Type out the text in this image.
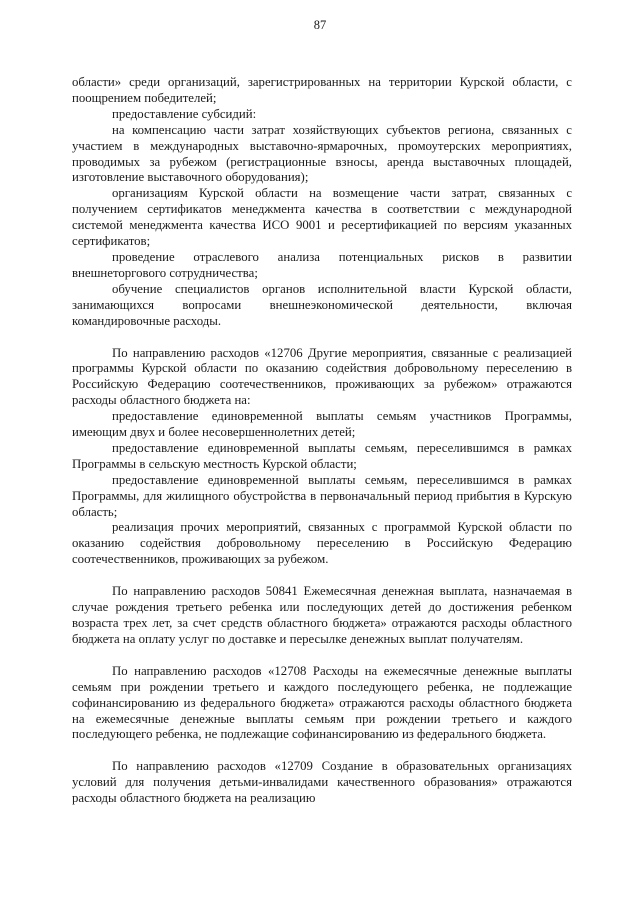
87

области» среди организаций, зарегистрированных на территории Курской области, с поощрением победителей;

предоставление субсидий:

на компенсацию части затрат хозяйствующих субъектов региона, связанных с участием в международных выставочно-ярмарочных, промоутерских мероприятиях, проводимых за рубежом (регистрационные взносы, аренда выставочных площадей, изготовление выставочного оборудования);

организациям Курской области на возмещение части затрат, связанных с получением сертификатов менеджмента качества в соответствии с международной системой менеджмента качества ИСО 9001 и ресертификацией по версиям указанных сертификатов;

проведение отраслевого анализа потенциальных рисков в развитии внешнеторгового сотрудничества;

обучение специалистов органов исполнительной власти Курской области, занимающихся вопросами внешнеэкономической деятельности, включая командировочные расходы.

По направлению расходов «12706 Другие мероприятия, связанные с реализацией программы Курской области по оказанию содействия добровольному переселению в Российскую Федерацию соотечественников, проживающих за рубежом» отражаются расходы областного бюджета на:

предоставление единовременной выплаты семьям участников Программы, имеющим двух и более несовершеннолетних детей;

предоставление единовременной выплаты семьям, переселившимся в рамках Программы в сельскую местность Курской области;

предоставление единовременной выплаты семьям, переселившимся в рамках Программы, для жилищного обустройства в первоначальный период прибытия в Курскую область;

реализация прочих мероприятий, связанных с программой Курской области по оказанию содействия добровольному переселению в Российскую Федерацию соотечественников, проживающих за рубежом.

По направлению расходов 50841 Ежемесячная денежная выплата, назначаемая в случае рождения третьего ребенка или последующих детей до достижения ребенком возраста трех лет, за счет средств областного бюджета» отражаются расходы областного бюджета на оплату услуг по доставке и пересылке денежных выплат получателям.

По направлению расходов «12708 Расходы на ежемесячные денежные выплаты семьям при рождении третьего и каждого последующего ребенка, не подлежащие софинансированию из федерального бюджета» отражаются расходы областного бюджета на ежемесячные денежные выплаты семьям при рождении третьего и каждого последующего ребенка, не подлежащие софинансированию из федерального бюджета.

По направлению расходов «12709 Создание в образовательных организациях условий для получения детьми-инвалидами качественного образования» отражаются расходы областного бюджета на реализацию
